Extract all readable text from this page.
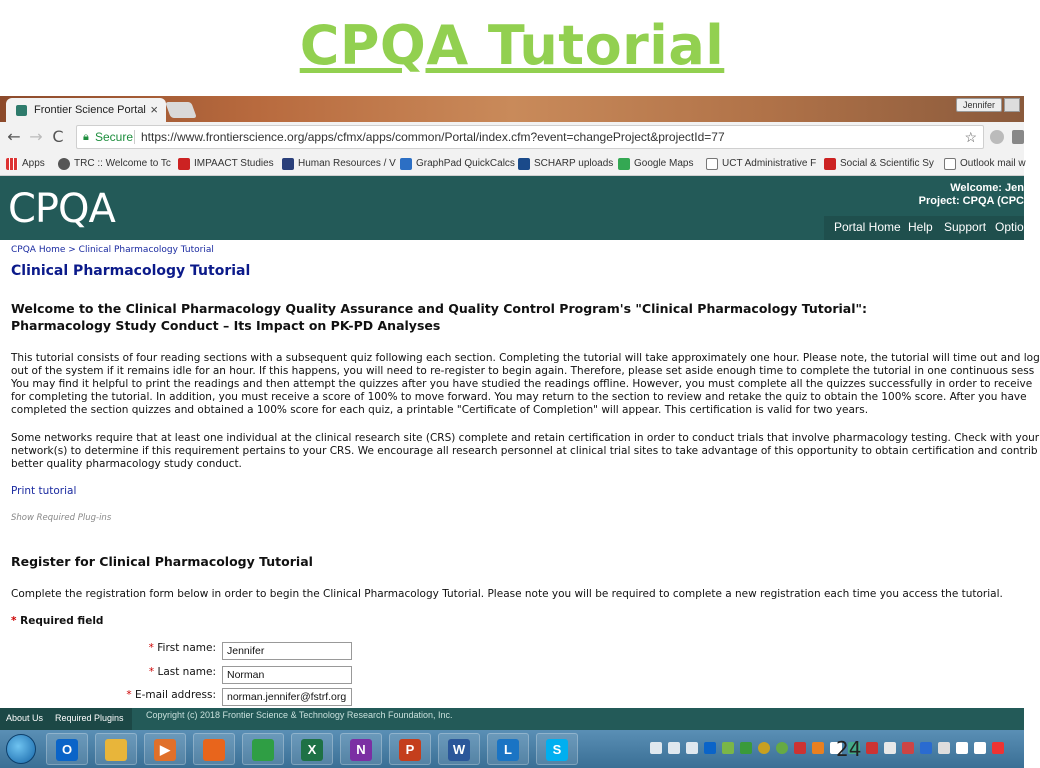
CPQA Tutorial
Frontier Science Portal ×	Jennifer
← → C	🔒︎ Secure https://www.frontierscience.org/apps/cfmx/apps/common/Portal/index.cfm?event=changeProject&projectId=77	☆
Apps	TRC :: Welcome to Tc	IMPAACT Studies	Human Resources / V	GraphPad QuickCalcs	SCHARP uploads	Google Maps	UCT Administrative F	Social & Scientific Sy	Outlook mail w
CPQA	Welcome: Jen
Project: CPQA (CPC
Portal Home Help Support Option
CPQA Home > Clinical Pharmacology Tutorial
Clinical Pharmacology Tutorial
Welcome to the Clinical Pharmacology Quality Assurance and Quality Control Program's "Clinical Pharmacology Tutorial":
Pharmacology Study Conduct – Its Impact on PK-PD Analyses
This tutorial consists of four reading sections with a subsequent quiz following each section. Completing the tutorial will take approximately one hour. Please note, the tutorial will time out and log
out of the system if it remains idle for an hour. If this happens, you will need to re-register to begin again. Therefore, please set aside enough time to complete the tutorial in one continuous sess
You may find it helpful to print the readings and then attempt the quizzes after you have studied the readings offline. However, you must complete all the quizzes successfully in order to receive
for completing the tutorial. In addition, you must receive a score of 100% to move forward. You may return to the section to review and retake the quiz to obtain the 100% score. After you have
completed the section quizzes and obtained a 100% score for each quiz, a printable "Certificate of Completion" will appear. This certification is valid for two years.
Some networks require that at least one individual at the clinical research site (CRS) complete and retain certification in order to conduct trials that involve pharmacology testing. Check with your
network(s) to determine if this requirement pertains to your CRS. We encourage all research personnel at clinical trial sites to take advantage of this opportunity to obtain certification and contrib
better quality pharmacology study conduct.
Print tutorial
Show Required Plug-ins
Register for Clinical Pharmacology Tutorial
Complete the registration form below in order to begin the Clinical Pharmacology Tutorial. Please note you will be required to complete a new registration each time you access the tutorial.
* Required field
* First name:
Jennifer
* Last name:
Norman
* E-mail address:
norman.jennifer@fstrf.org
About Us Required Plugins Copyright (c) 2018 Frontier Science & Technology Research Foundation, Inc.
O	▶	X	N	P	W	L	S	24
